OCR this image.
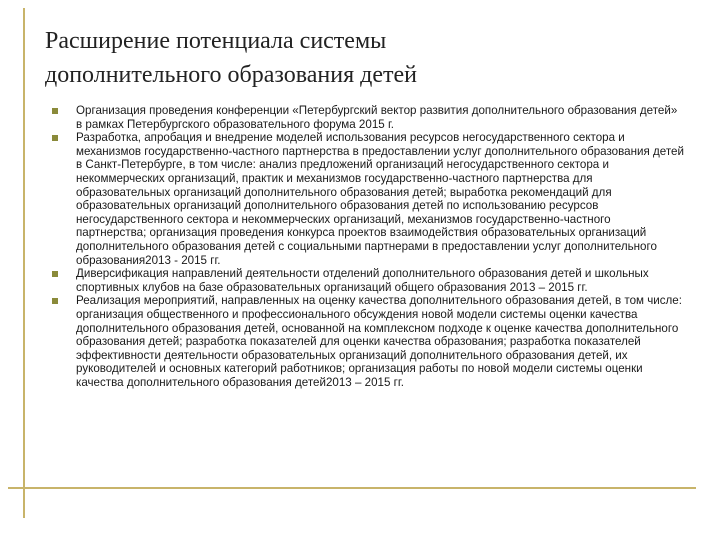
Расширение потенциала системы
дополнительного образования детей
Организация проведения конференции «Петербургский вектор развития дополнительного образования детей» в рамках Петербургского образовательного форума 2015 г.
Разработка, апробация и внедрение моделей использования ресурсов негосударственного сектора и механизмов государственно-частного партнерства в предоставлении услуг дополнительного образования детей в Санкт-Петербурге, в том числе: анализ предложений организаций негосударственного сектора и некоммерческих организаций, практик и механизмов государственно-частного партнерства для образовательных организаций дополнительного образования детей; выработка рекомендаций для образовательных организаций дополнительного образования детей по использованию ресурсов негосударственного сектора и некоммерческих организаций, механизмов государственно-частного партнерства; организация проведения конкурса проектов взаимодействия образовательных организаций дополнительного образования детей с социальными партнерами в предоставлении услуг дополнительного образования2013 - 2015 гг.
Диверсификация направлений деятельности отделений дополнительного образования детей и школьных спортивных клубов на базе образовательных организаций общего образования 2013 – 2015 гг.
Реализация мероприятий, направленных на оценку качества дополнительного образования детей, в том числе: организация общественного и профессионального обсуждения новой модели системы оценки качества дополнительного образования детей, основанной на комплексном подходе к оценке качества дополнительного образования детей; разработка показателей для оценки качества образования; разработка показателей эффективности деятельности образовательных организаций дополнительного образования детей, их руководителей и основных категорий работников; организация работы по новой модели системы оценки качества дополнительного образования детей2013 – 2015 гг.
